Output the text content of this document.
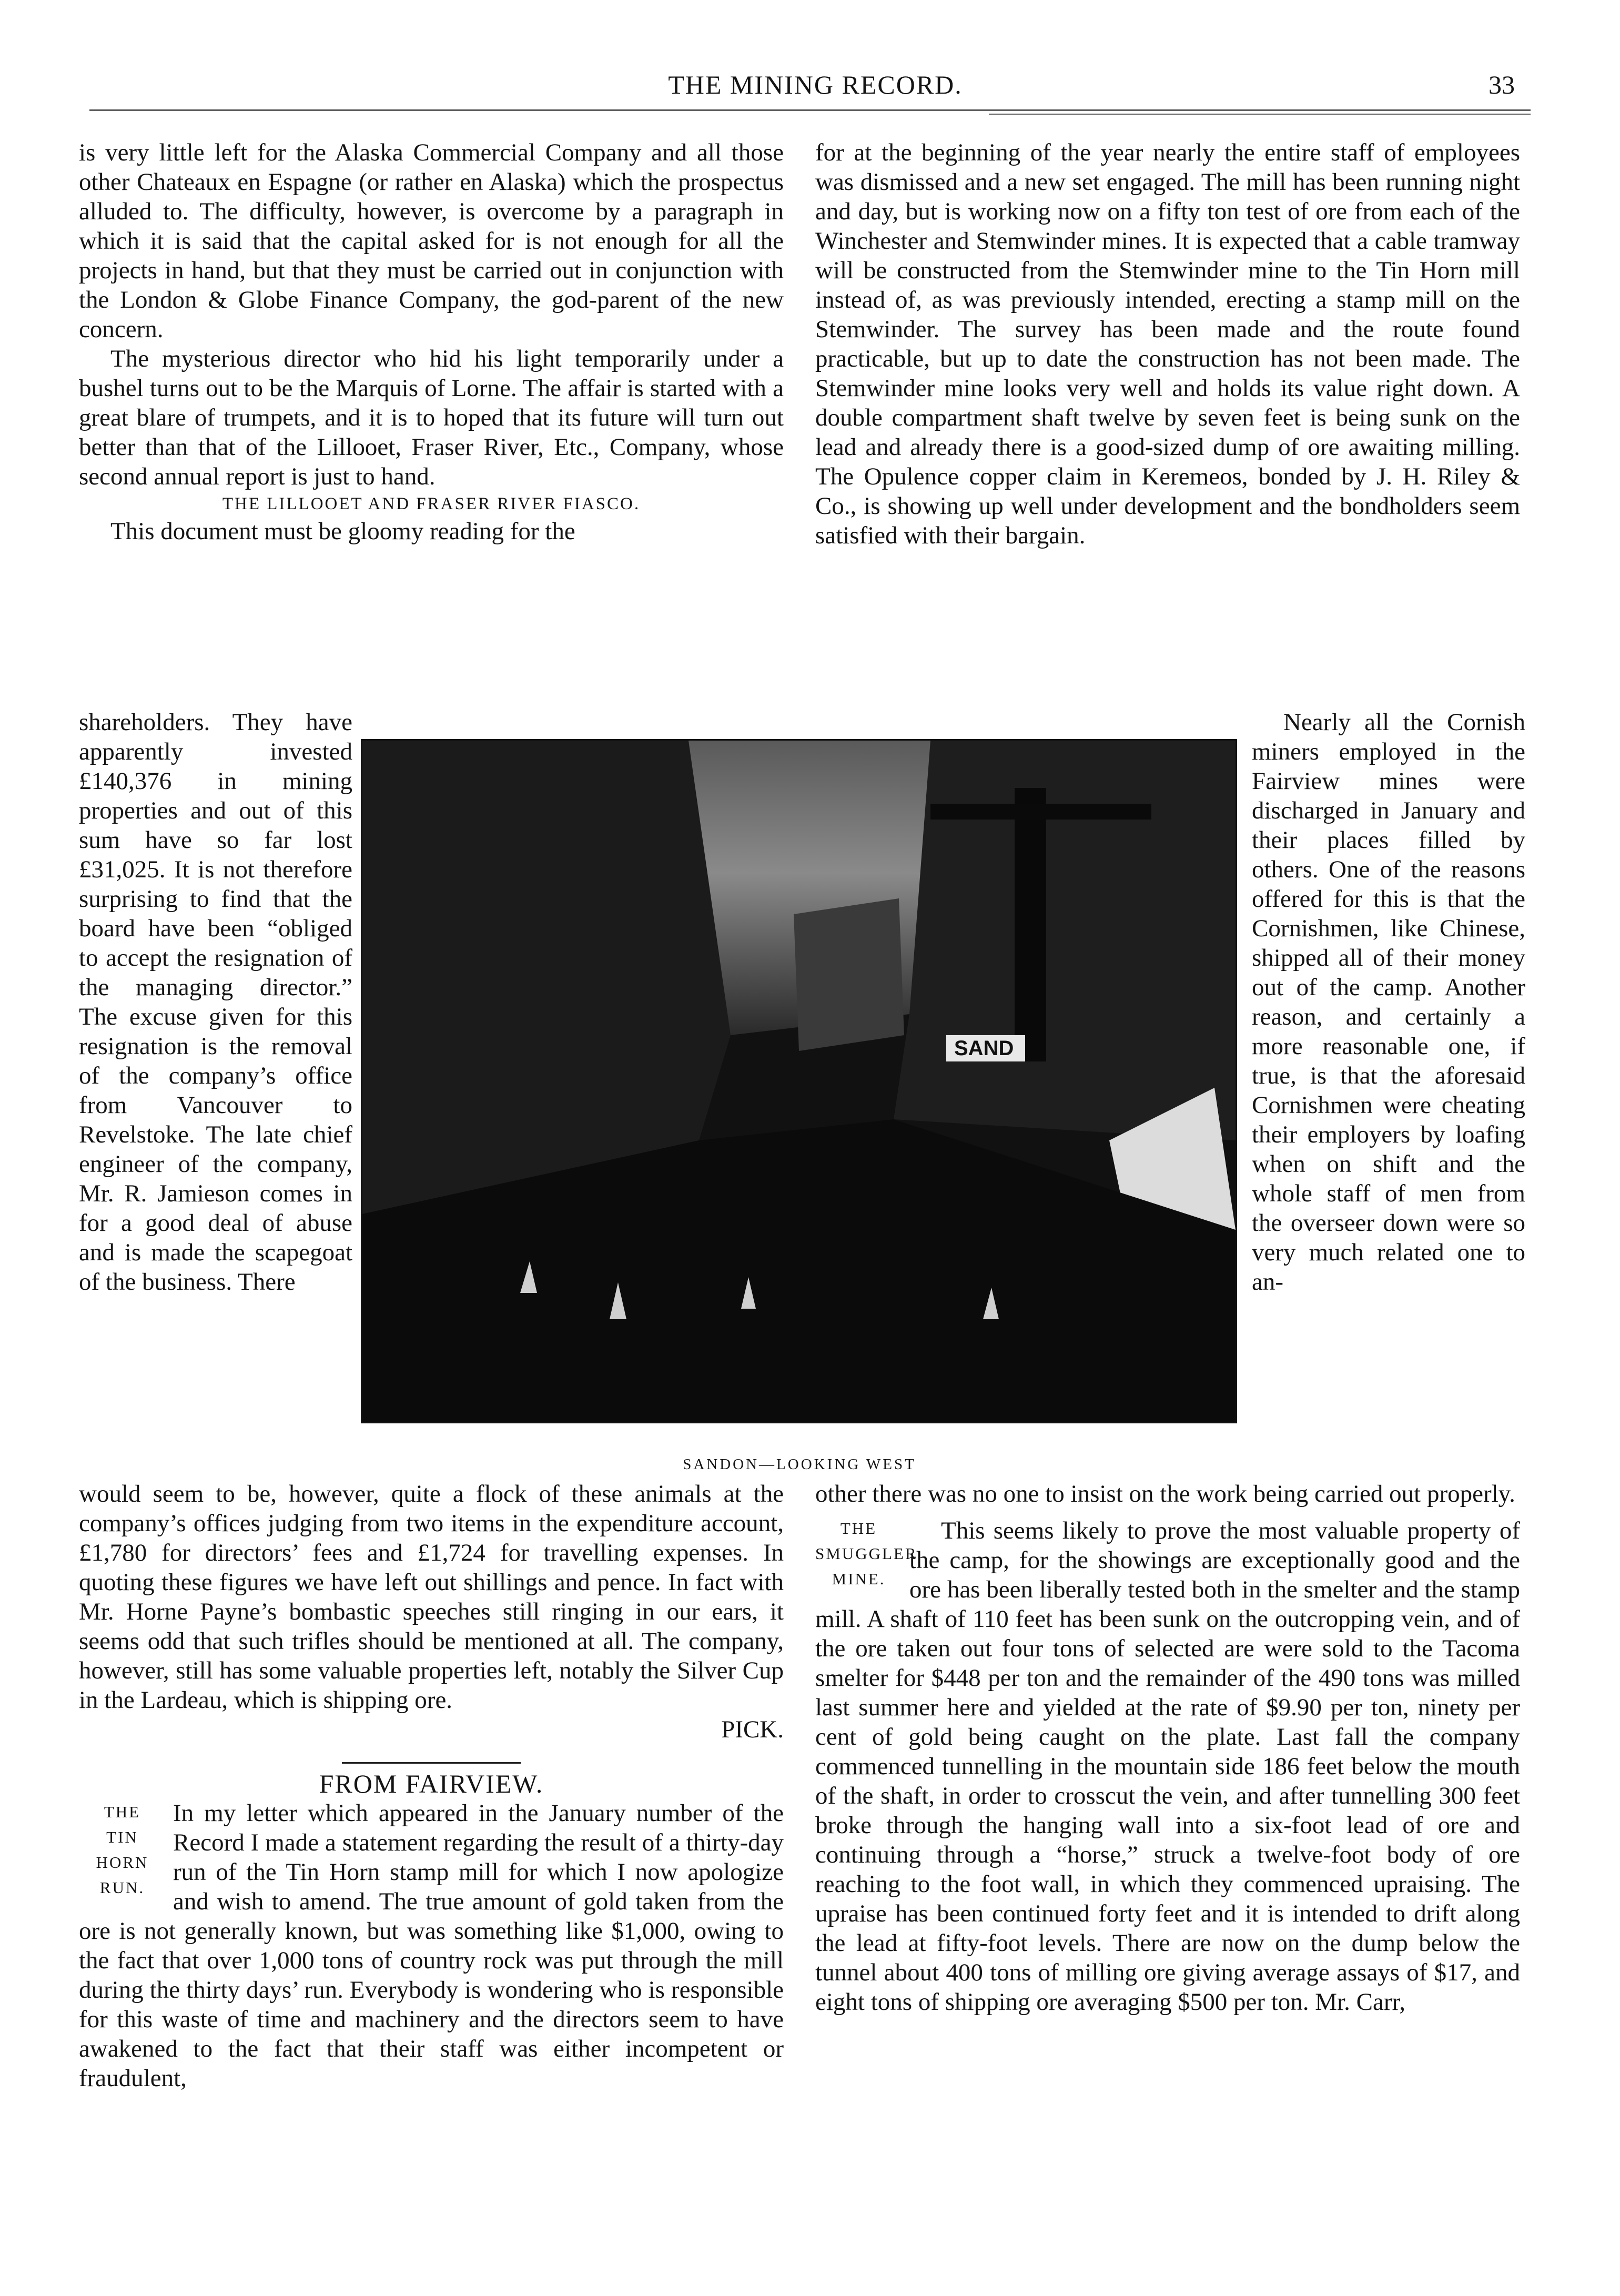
THE MINING RECORD.	33

is very little left for the Alaska Commercial Company and all those other Chateaux en Espagne (or rather en Alaska) which the prospectus alluded to. The difficulty, however, is overcome by a paragraph in which it is said that the capital asked for is not enough for all the projects in hand, but that they must be carried out in conjunction with the London & Globe Finance Company, the god-parent of the new concern.

The mysterious director who hid his light temporarily under a bushel turns out to be the Marquis of Lorne. The affair is started with a great blare of trumpets, and it is to hoped that its future will turn out better than that of the Lillooet, Fraser River, Etc., Company, whose second annual report is just to hand.

THE LILLOOET AND FRASER RIVER FIASCO.

This document must be gloomy reading for the

for at the beginning of the year nearly the entire staff of employees was dismissed and a new set engaged. The mill has been running night and day, but is working now on a fifty ton test of ore from each of the Winchester and Stemwinder mines. It is expected that a cable tramway will be constructed from the Stemwinder mine to the Tin Horn mill instead of, as was previously intended, erecting a stamp mill on the Stemwinder. The survey has been made and the route found practicable, but up to date the construction has not been made. The Stemwinder mine looks very well and holds its value right down. A double compartment shaft twelve by seven feet is being sunk on the lead and already there is a good-sized dump of ore awaiting milling. The Opulence copper claim in Keremeos, bonded by J. H. Riley & Co., is showing up well under development and the bondholders seem satisfied with their bargain.

shareholders. They have apparently invested £140,376 in mining properties and out of this sum have so far lost £31,025. It is not therefore surprising to find that the board have been “obliged to accept the resignation of the managing director.” The excuse given for this resignation is the removal of the company’s office from Vancouver to Revelstoke. The late chief engineer of the company, Mr. R. Jamieson comes in for a good deal of abuse and is made the scapegoat of the business. There

Nearly all the Cornish miners employed in the Fairview mines were discharged in January and their places filled by others. One of the reasons offered for this is that the Cornishmen, like Chinese, shipped all of their money out of the camp. Another reason, and certainly a more reasonable one, if true, is that the aforesaid Cornishmen were cheating their employers by loafing when on shift and the whole staff of men from the overseer down were so very much related one to an-

SAND
SANDON—LOOKING WEST

would seem to be, however, quite a flock of these animals at the company’s offices judging from two items in the expenditure account, £1,780 for directors’ fees and £1,724 for travelling expenses. In quoting these figures we have left out shillings and pence. In fact with Mr. Horne Payne’s bombastic speeches still ringing in our ears, it seems odd that such trifles should be mentioned at all. The company, however, still has some valuable properties left, notably the Silver Cup in the Lardeau, which is shipping ore.

PICK.

FROM FAIRVIEW.

THE
TIN HORN
RUN.

In my letter which appeared in the January number of the Record I made a statement regarding the result of a thirty-day run of the Tin Horn stamp mill for which I now apologize and wish to amend. The true amount of gold taken from the ore is not generally known, but was something like $1,000, owing to the fact that over 1,000 tons of country rock was put through the mill during the thirty days’ run. Everybody is wondering who is responsible for this waste of time and machinery and the directors seem to have awakened to the fact that their staff was either incompetent or fraudulent,

other there was no one to insist on the work being carried out properly.

THE
SMUGGLER
MINE.

This seems likely to prove the most valuable property of the camp, for the showings are exceptionally good and the ore has been liberally tested both in the smelter and the stamp mill. A shaft of 110 feet has been sunk on the outcropping vein, and of the ore taken out four tons of selected are were sold to the Tacoma smelter for $448 per ton and the remainder of the 490 tons was milled last summer here and yielded at the rate of $9.90 per ton, ninety per cent of gold being caught on the plate. Last fall the company commenced tunnelling in the mountain side 186 feet below the mouth of the shaft, in order to crosscut the vein, and after tunnelling 300 feet broke through the hanging wall into a six-foot lead of ore and continuing through a “horse,” struck a twelve-foot body of ore reaching to the foot wall, in which they commenced upraising. The upraise has been continued forty feet and it is intended to drift along the lead at fifty-foot levels. There are now on the dump below the tunnel about 400 tons of milling ore giving average assays of $17, and eight tons of shipping ore averaging $500 per ton. Mr. Carr,
